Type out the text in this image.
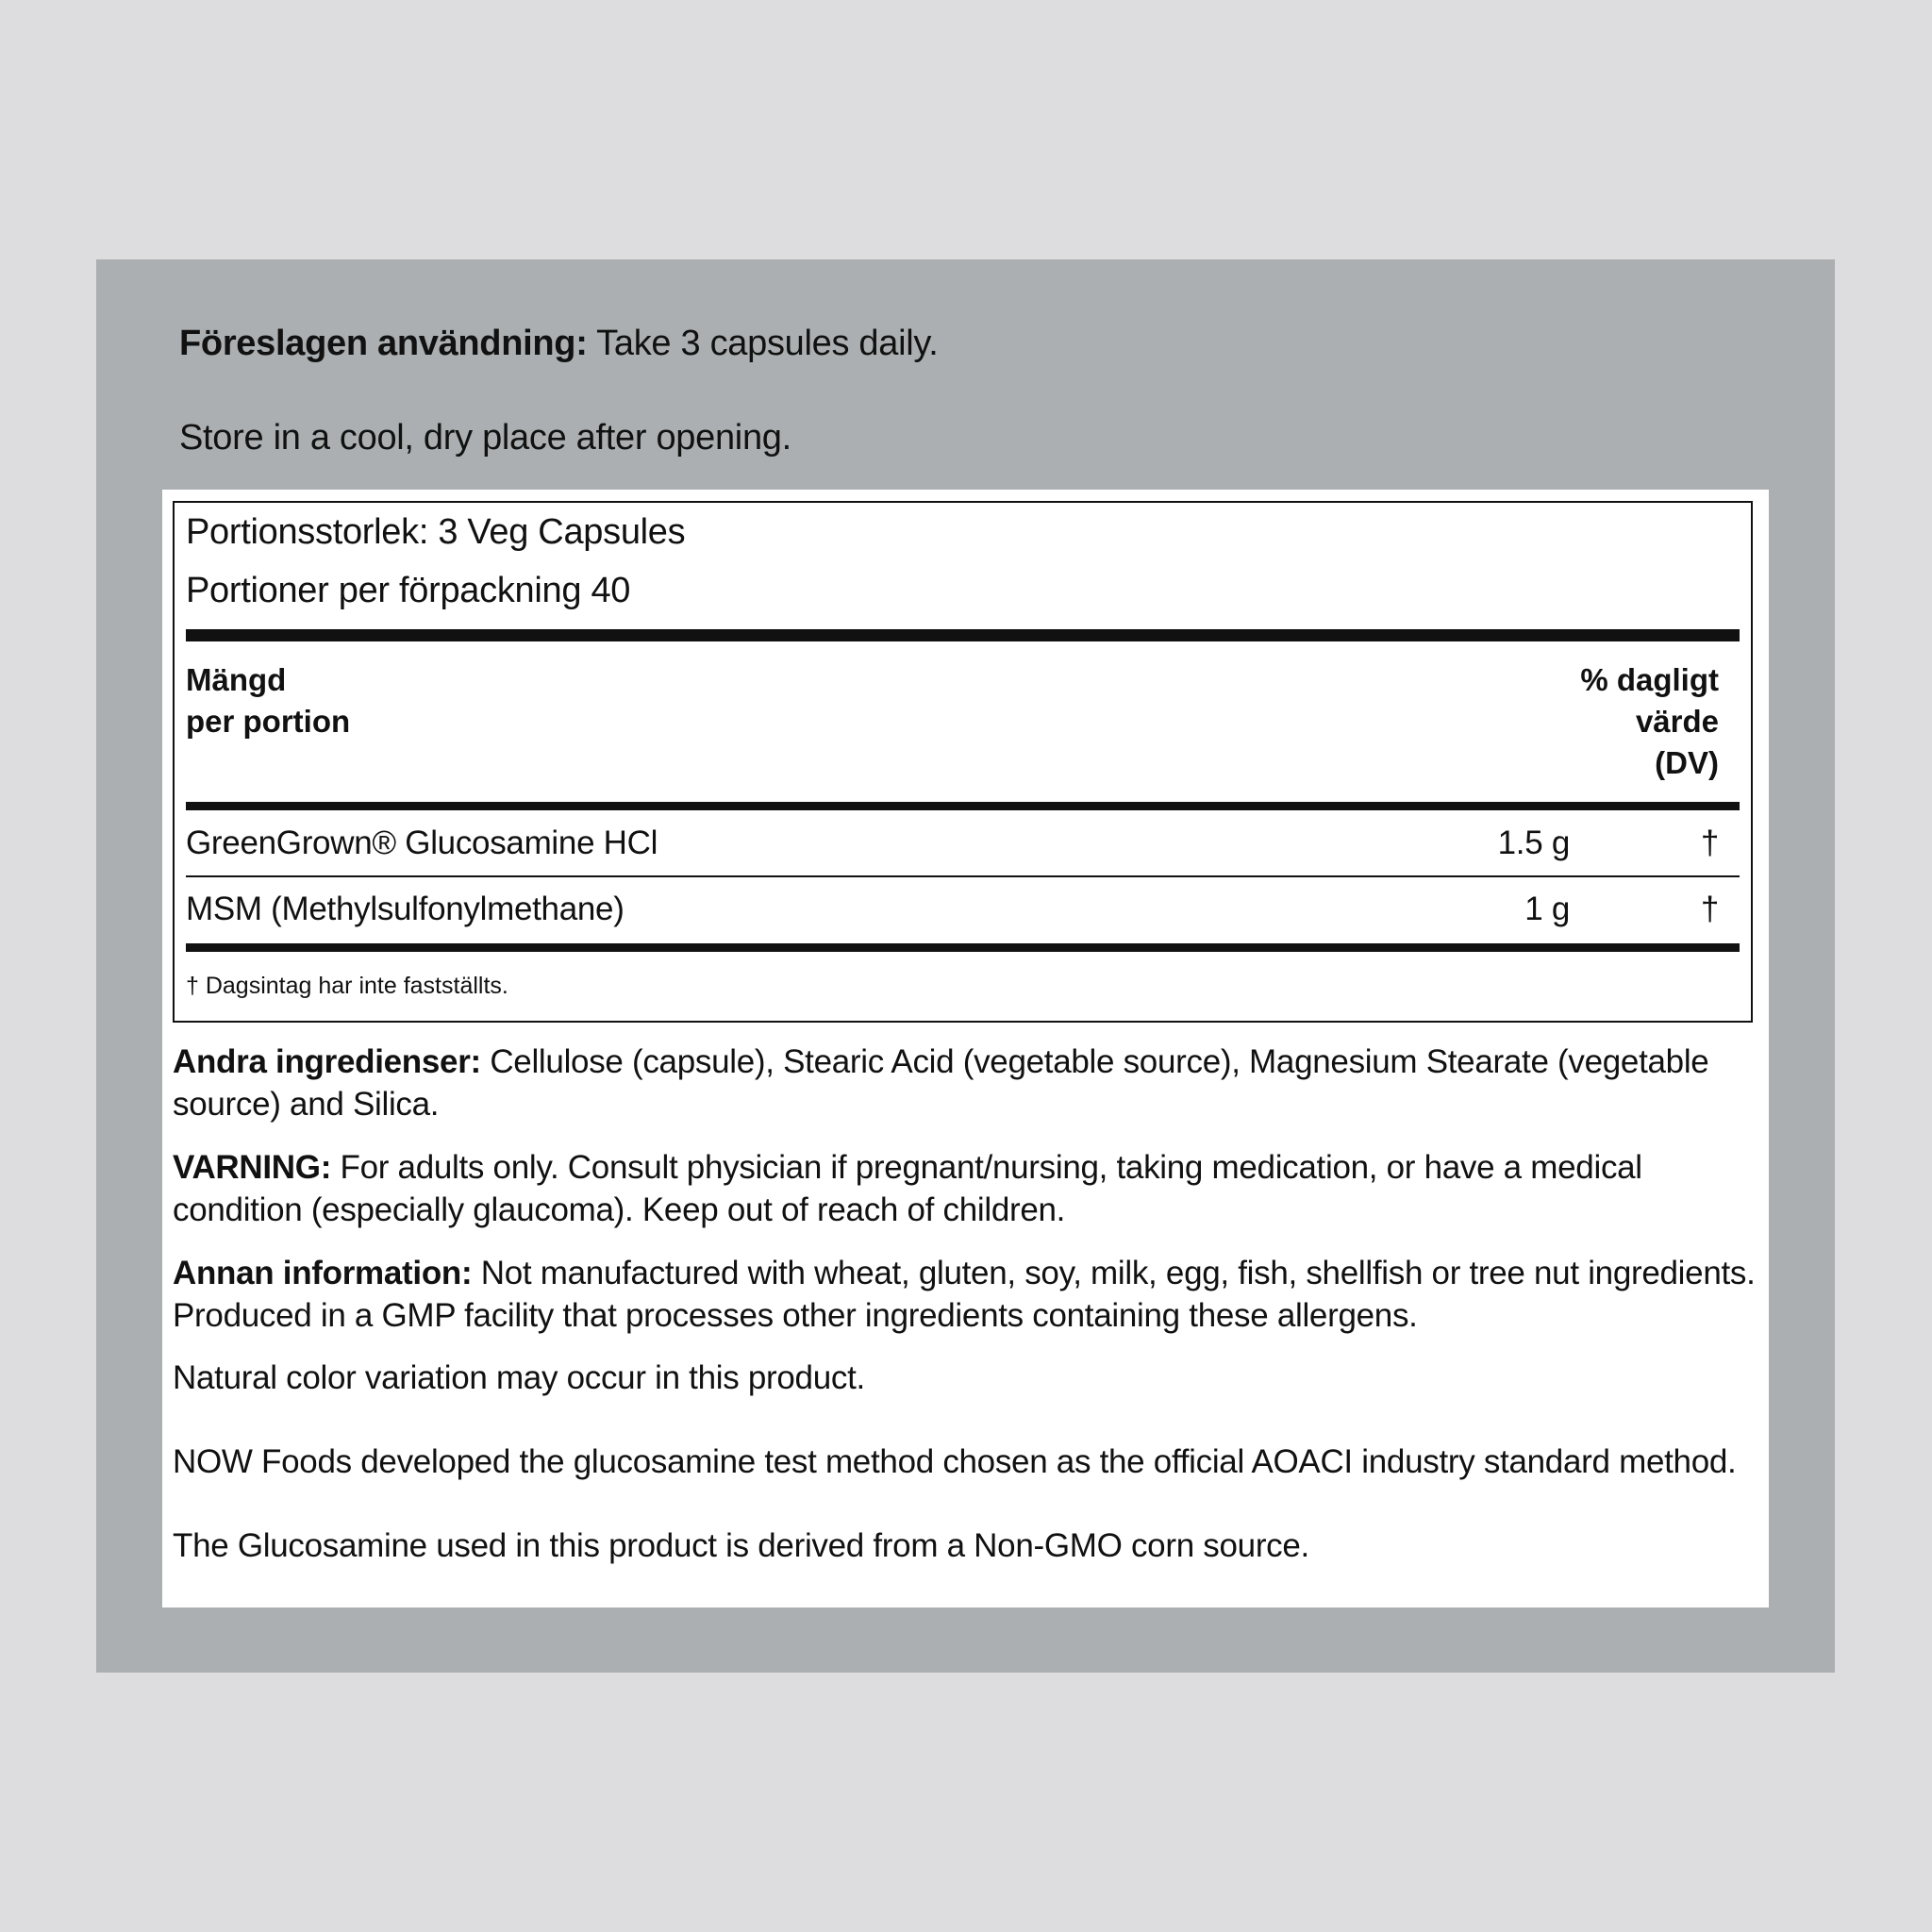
Föreslagen användning: Take 3 capsules daily.
Store in a cool, dry place after opening.
Portionsstorlek: 3 Veg Capsules
Portioner per förpackning 40
Mängd
per portion
% dagligt
värde
(DV)
GreenGrown® Glucosamine HCl	1.5 g	†
MSM (Methylsulfonylmethane)	1 g	†
† Dagsintag har inte fastställts.
Andra ingredienser: Cellulose (capsule), Stearic Acid (vegetable source), Magnesium Stearate (vegetable source) and Silica.
VARNING: For adults only. Consult physician if pregnant/nursing, taking medication, or have a medical condition (especially glaucoma). Keep out of reach of children.
Annan information: Not manufactured with wheat, gluten, soy, milk, egg, fish, shellfish or tree nut ingredients. Produced in a GMP facility that processes other ingredients containing these allergens.
Natural color variation may occur in this product.
NOW Foods developed the glucosamine test method chosen as the official AOACI industry standard method.
The Glucosamine used in this product is derived from a Non-GMO corn source.
